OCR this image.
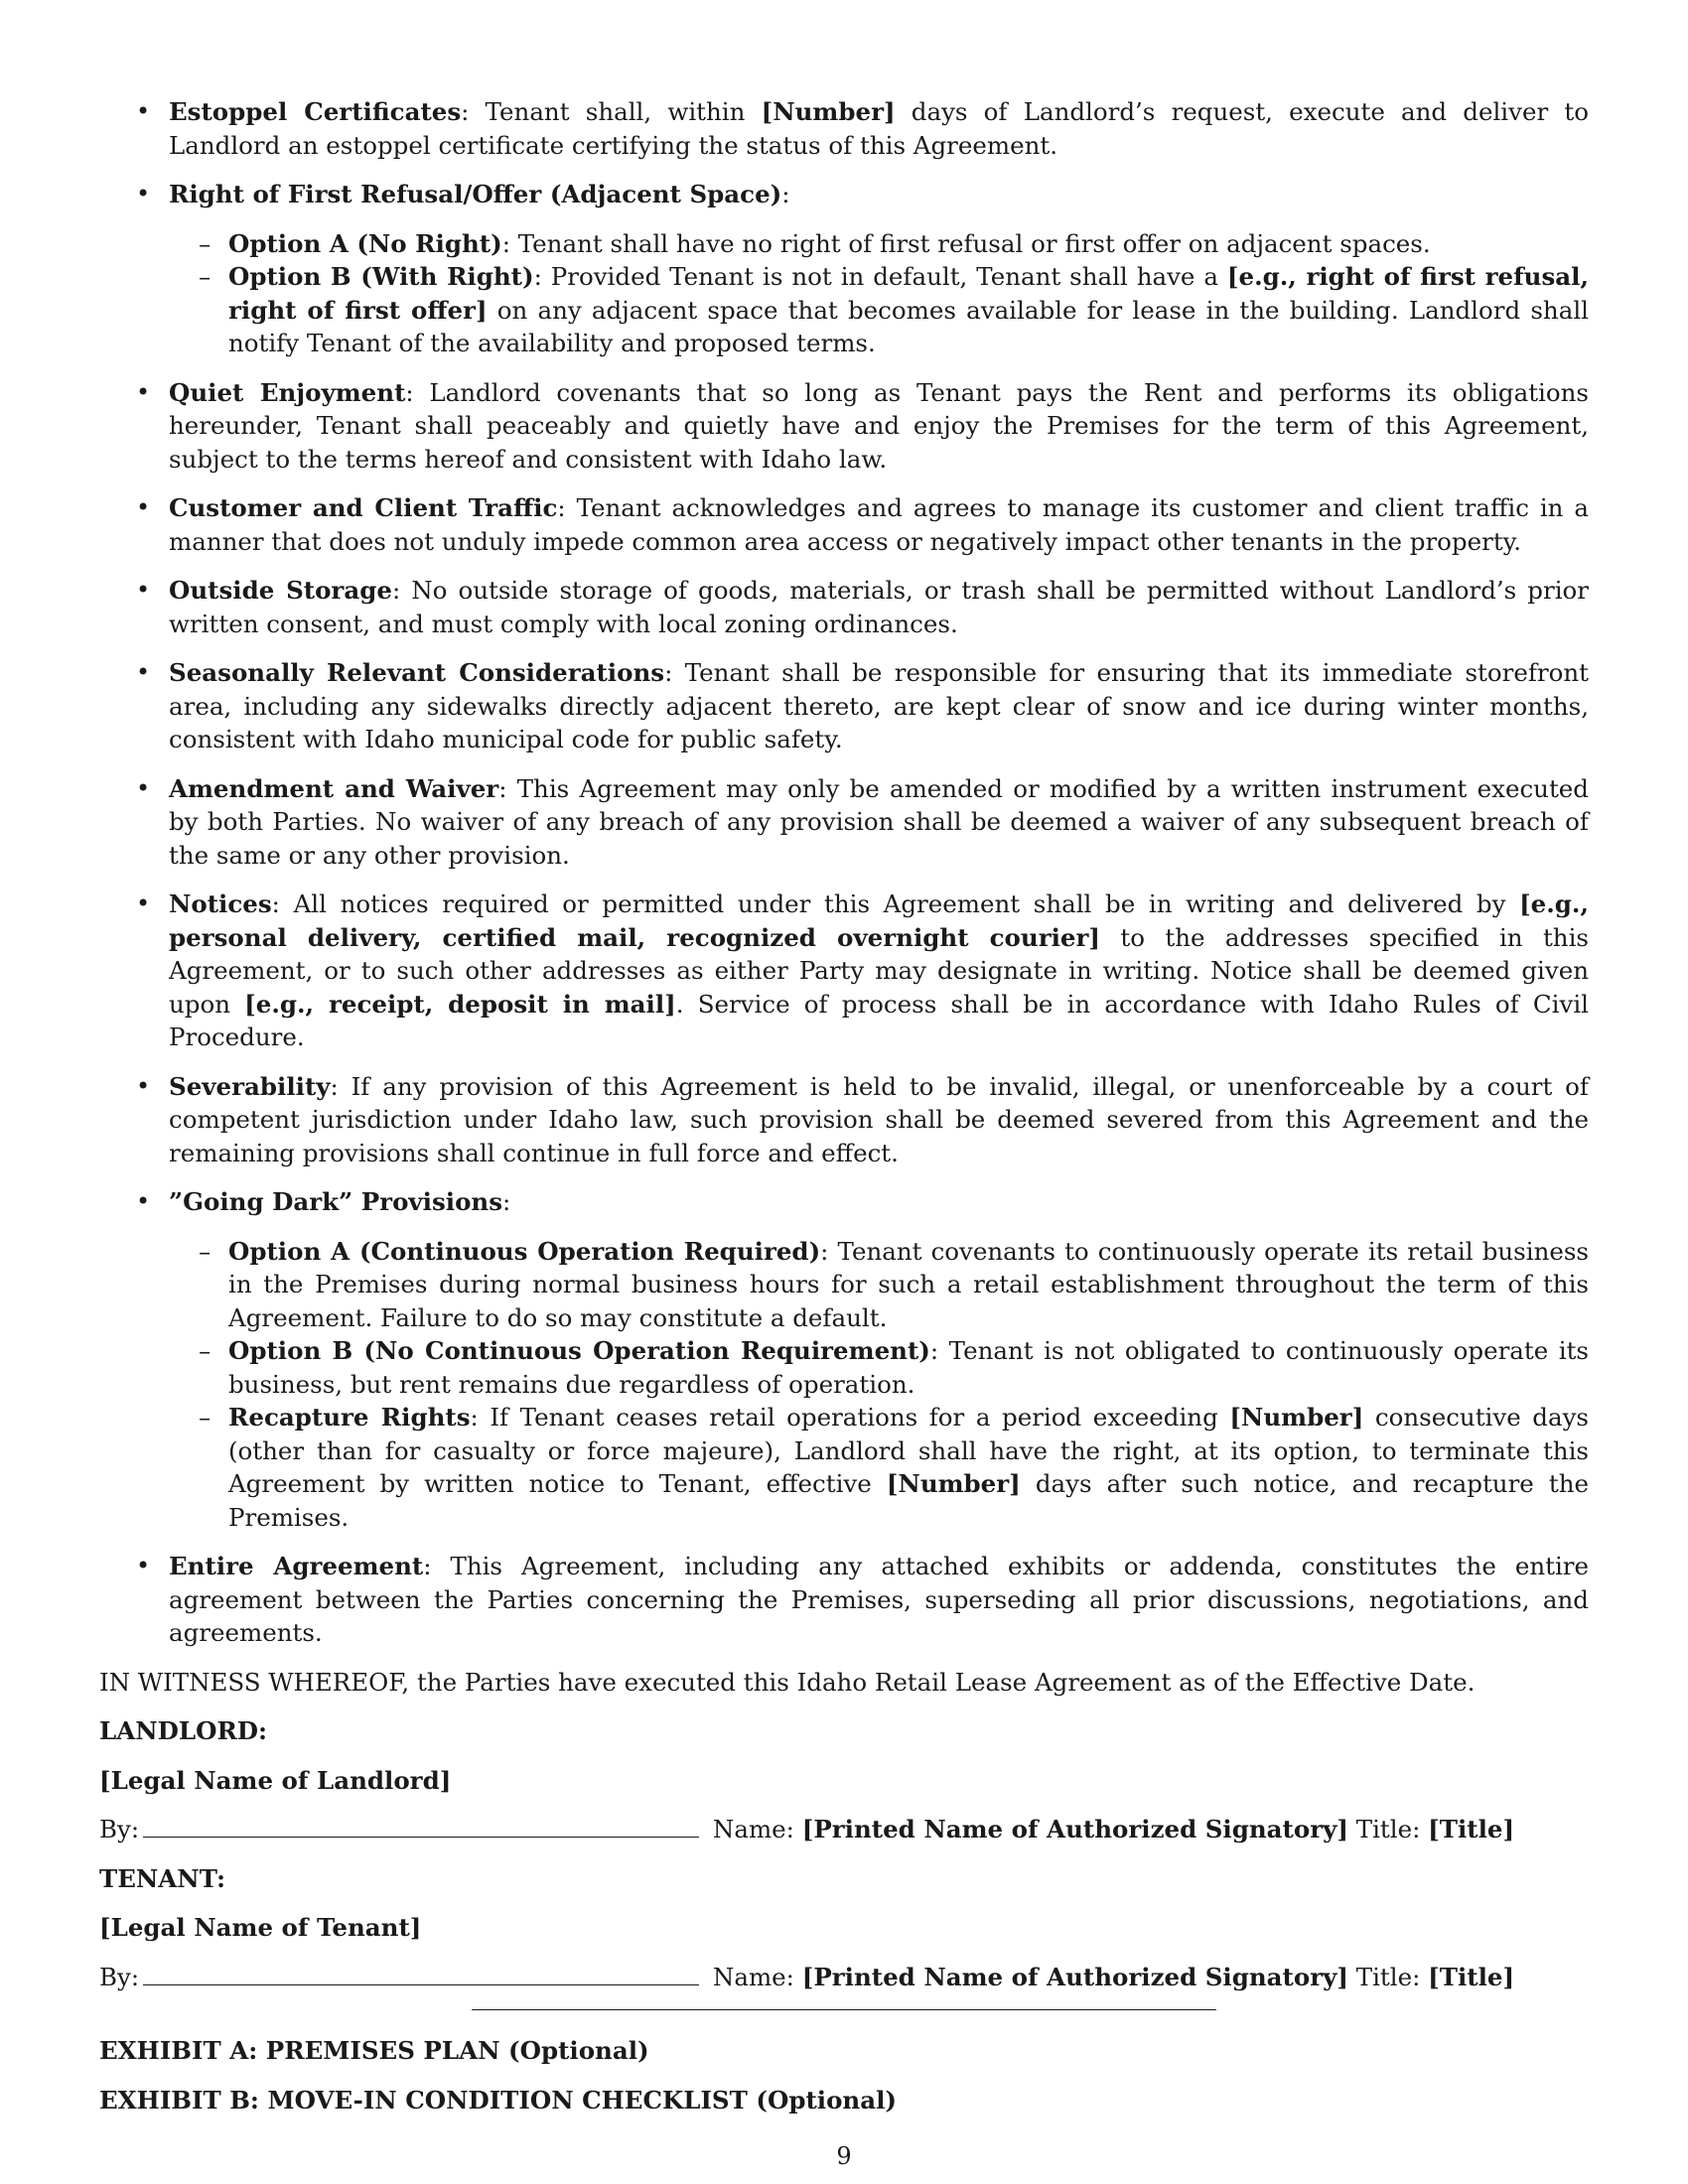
• Estoppel Certificates: Tenant shall, within [Number] days of Landlord’s request, execute and deliver to Landlord an estoppel certificate certifying the status of this Agreement.
• Right of First Refusal/Offer (Adjacent Space):
– Option A (No Right): Tenant shall have no right of first refusal or first offer on adjacent spaces.
– Option B (With Right): Provided Tenant is not in default, Tenant shall have a [e.g., right of first refusal, right of first offer] on any adjacent space that becomes available for lease in the building. Landlord shall notify Tenant of the availability and proposed terms.
• Quiet Enjoyment: Landlord covenants that so long as Tenant pays the Rent and performs its obligations hereunder, Tenant shall peaceably and quietly have and enjoy the Premises for the term of this Agreement, subject to the terms hereof and consistent with Idaho law.
• Customer and Client Traffic: Tenant acknowledges and agrees to manage its customer and client traffic in a manner that does not unduly impede common area access or negatively impact other tenants in the property.
• Outside Storage: No outside storage of goods, materials, or trash shall be permitted without Landlord’s prior written consent, and must comply with local zoning ordinances.
• Seasonally Relevant Considerations: Tenant shall be responsible for ensuring that its immediate storefront area, including any sidewalks directly adjacent thereto, are kept clear of snow and ice during winter months, consistent with Idaho municipal code for public safety.
• Amendment and Waiver: This Agreement may only be amended or modified by a written instrument executed by both Parties. No waiver of any breach of any provision shall be deemed a waiver of any subsequent breach of the same or any other provision.
• Notices: All notices required or permitted under this Agreement shall be in writing and delivered by [e.g., personal delivery, certified mail, recognized overnight courier] to the addresses specified in this Agreement, or to such other addresses as either Party may designate in writing. Notice shall be deemed given upon [e.g., receipt, deposit in mail]. Service of process shall be in accordance with Idaho Rules of Civil Procedure.
• Severability: If any provision of this Agreement is held to be invalid, illegal, or unenforceable by a court of competent jurisdiction under Idaho law, such provision shall be deemed severed from this Agreement and the remaining provisions shall continue in full force and effect.
• ”Going Dark” Provisions:
– Option A (Continuous Operation Required): Tenant covenants to continuously operate its retail business in the Premises during normal business hours for such a retail establishment throughout the term of this Agreement. Failure to do so may constitute a default.
– Option B (No Continuous Operation Requirement): Tenant is not obligated to continuously operate its business, but rent remains due regardless of operation.
– Recapture Rights: If Tenant ceases retail operations for a period exceeding [Number] consecutive days (other than for casualty or force majeure), Landlord shall have the right, at its option, to terminate this Agreement by written notice to Tenant, effective [Number] days after such notice, and recapture the Premises.
• Entire Agreement: This Agreement, including any attached exhibits or addenda, constitutes the entire agreement between the Parties concerning the Premises, superseding all prior discussions, negotiations, and agreements.

IN WITNESS WHEREOF, the Parties have executed this Idaho Retail Lease Agreement as of the Effective Date.

LANDLORD:

[Legal Name of Landlord]

By:	Name: [Printed Name of Authorized Signatory] Title: [Title]

TENANT:

[Legal Name of Tenant]

By:	Name: [Printed Name of Authorized Signatory] Title: [Title]

EXHIBIT A: PREMISES PLAN (Optional)

EXHIBIT B: MOVE-IN CONDITION CHECKLIST (Optional)

9
